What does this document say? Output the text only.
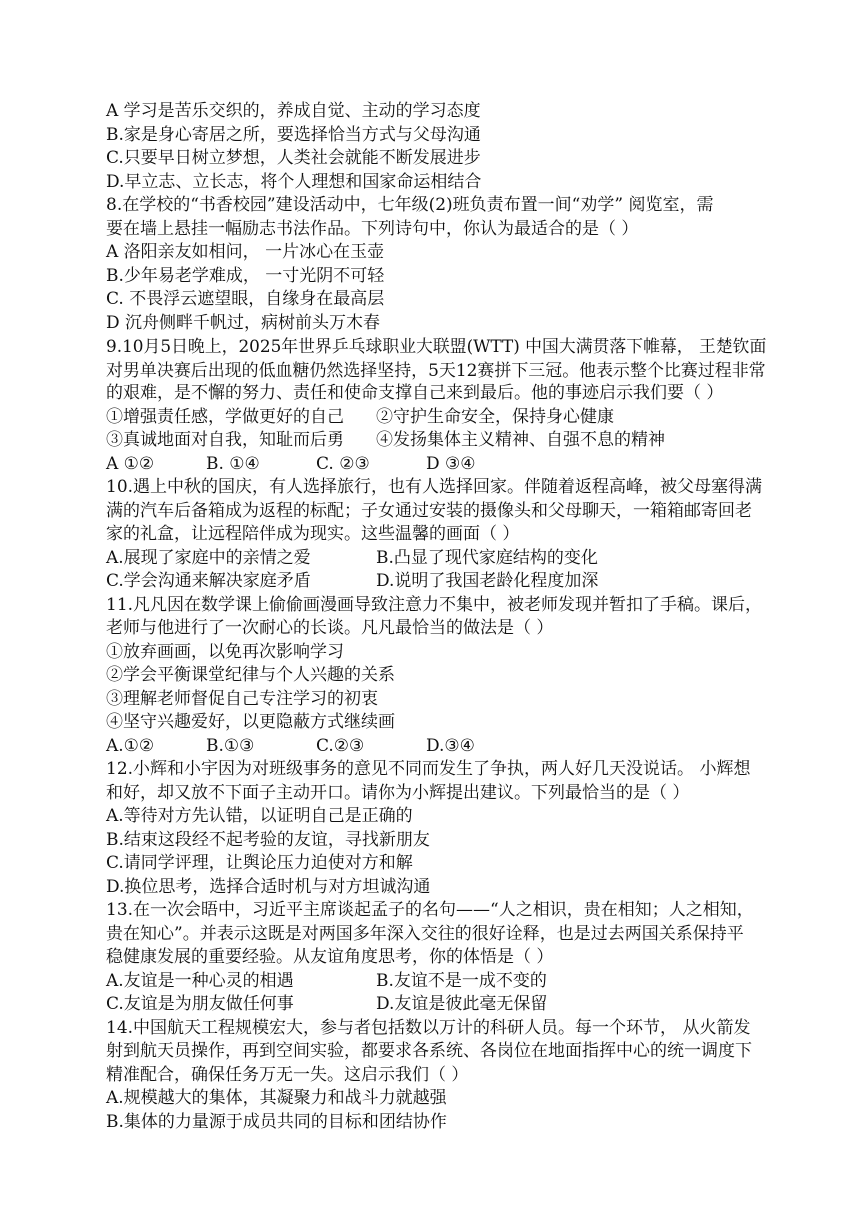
A 学习是苦乐交织的，养成自觉、主动的学习态度
B.家是身心寄居之所，要选择恰当方式与父母沟通
C.只要早日树立梦想，人类社会就能不断发展进步
D.早立志、立长志，将个人理想和国家命运相结合
8.在学校的“书香校园”建设活动中，七年级(2)班负责布置一间“劝学” 阅览室，需
要在墙上悬挂一幅励志书法作品。下列诗句中，你认为最适合的是（ ）
A 洛阳亲友如相问， 一片冰心在玉壶
B.少年易老学难成， 一寸光阴不可轻
C. 不畏浮云遮望眼，自缘身在最高层
D 沉舟侧畔千帆过，病树前头万木春
9.10月5日晚上，2025年世界乒乓球职业大联盟(WTT) 中国大满贯落下帷幕， 王楚钦面
对男单决赛后出现的低血糖仍然选择坚持，5天12赛拼下三冠。他表示整个比赛过程非常
的艰难，是不懈的努力、责任和使命支撑自己来到最后。他的事迹启示我们要（ ）
①增强责任感，学做更好的自己	②守护生命安全，保持身心健康
③真诚地面对自我，知耻而后勇	④发扬集体主义精神、自强不息的精神
A ①②	B. ①④	C. ②③	D ③④
10.遇上中秋的国庆，有人选择旅行，也有人选择回家。伴随着返程高峰，被父母塞得满
满的汽车后备箱成为返程的标配；子女通过安装的摄像头和父母聊天，一箱箱邮寄回老
家的礼盒，让远程陪伴成为现实。这些温馨的画面（ ）
A.展现了家庭中的亲情之爱	B.凸显了现代家庭结构的变化
C.学会沟通来解决家庭矛盾	D.说明了我国老龄化程度加深
11.凡凡因在数学课上偷偷画漫画导致注意力不集中，被老师发现并暂扣了手稿。课后，
老师与他进行了一次耐心的长谈。凡凡最恰当的做法是（ ）
①放弃画画，以免再次影响学习
②学会平衡课堂纪律与个人兴趣的关系
③理解老师督促自己专注学习的初衷
④坚守兴趣爱好，以更隐蔽方式继续画
A.①②	B.①③	C.②③	D.③④
12.小辉和小宇因为对班级事务的意见不同而发生了争执，两人好几天没说话。 小辉想
和好，却又放不下面子主动开口。请你为小辉提出建议。下列最恰当的是（ ）
A.等待对方先认错，以证明自己是正确的
B.结束这段经不起考验的友谊，寻找新朋友
C.请同学评理，让舆论压力迫使对方和解
D.换位思考，选择合适时机与对方坦诚沟通
13.在一次会晤中，习近平主席谈起孟子的名句——“人之相识，贵在相知；人之相知，
贵在知心”。并表示这既是对两国多年深入交往的很好诠释，也是过去两国关系保持平
稳健康发展的重要经验。从友谊角度思考，你的体悟是（ ）
A.友谊是一种心灵的相遇	B.友谊不是一成不变的
C.友谊是为朋友做任何事	D.友谊是彼此毫无保留
14.中国航天工程规模宏大，参与者包括数以万计的科研人员。每一个环节， 从火箭发
射到航天员操作，再到空间实验，都要求各系统、各岗位在地面指挥中心的统一调度下
精准配合，确保任务万无一失。这启示我们（ ）
A.规模越大的集体，其凝聚力和战斗力就越强
B.集体的力量源于成员共同的目标和团结协作
